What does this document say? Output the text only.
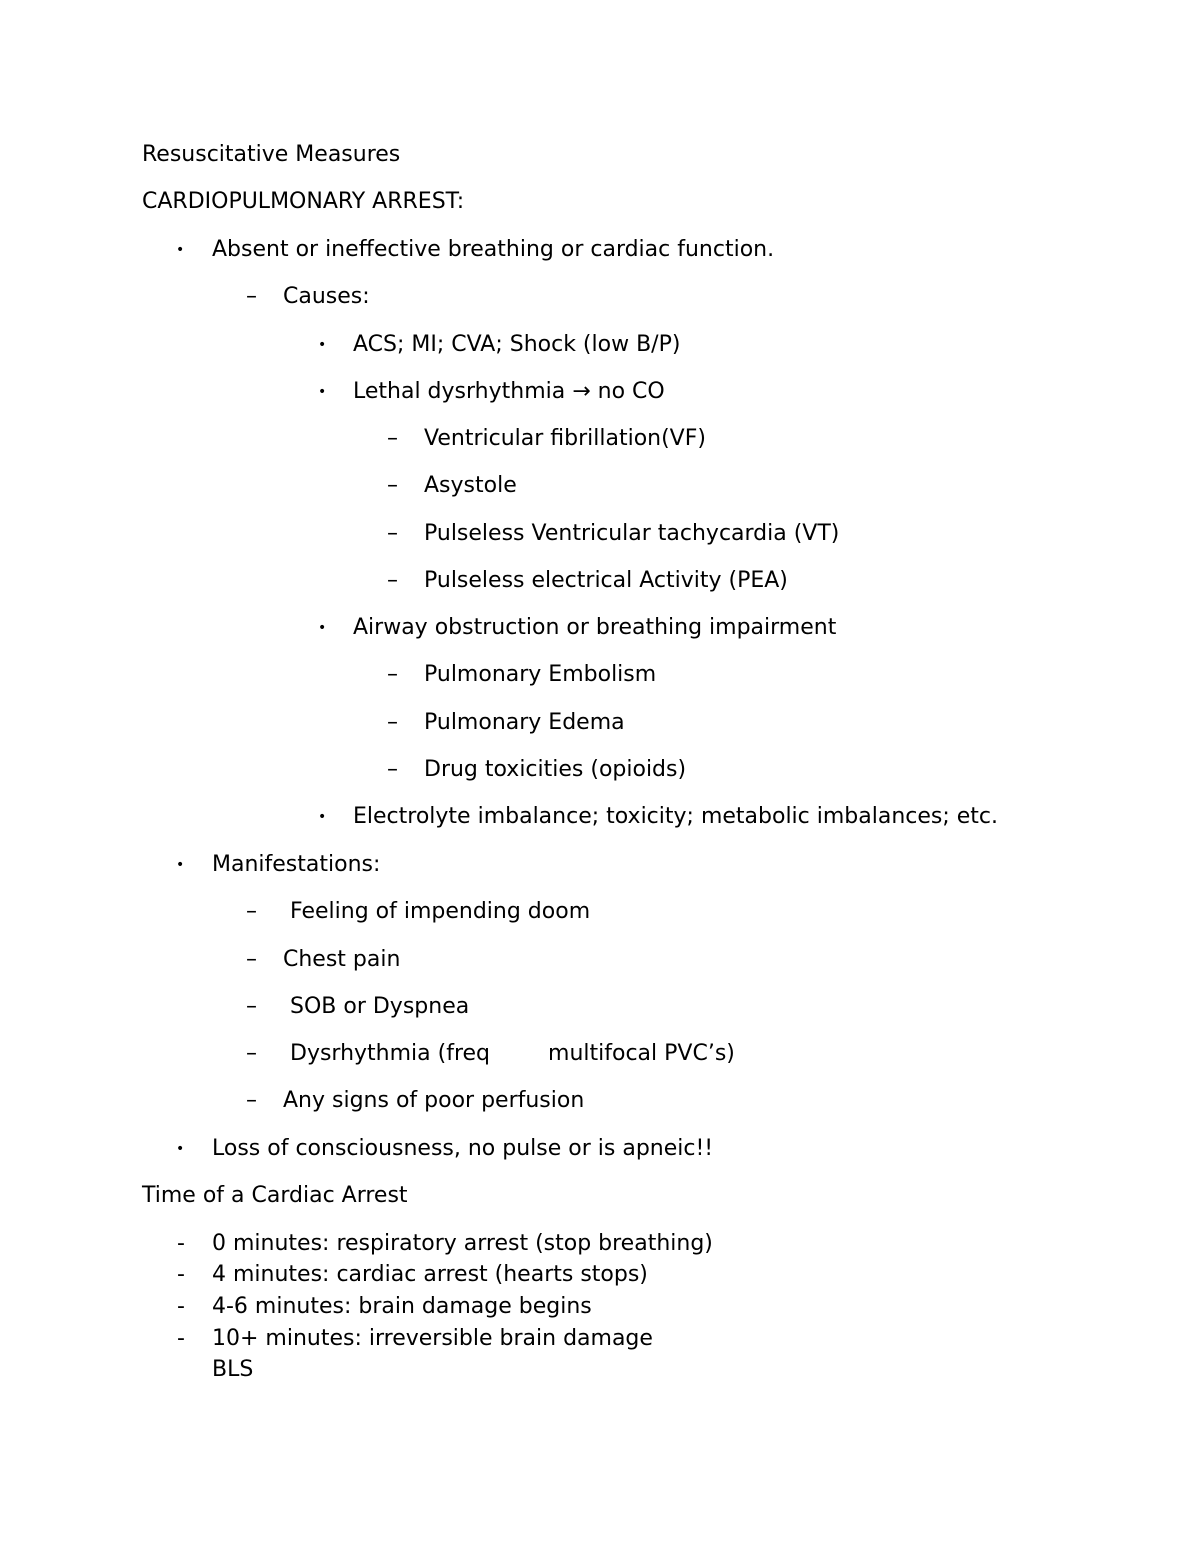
Resuscitative Measures
CARDIOPULMONARY ARREST:
• Absent or ineffective breathing or cardiac function.
– Causes:
• ACS; MI; CVA; Shock (low B/P)
• Lethal dysrhythmia → no CO
– Ventricular fibrillation(VF)
– Asystole
– Pulseless Ventricular tachycardia (VT)
– Pulseless electrical Activity (PEA)
• Airway obstruction or breathing impairment
– Pulmonary Embolism
– Pulmonary Edema
– Drug toxicities (opioids)
• Electrolyte imbalance; toxicity; metabolic imbalances; etc.
• Manifestations:
– Feeling of impending doom
– Chest pain
– SOB or Dyspnea
– Dysrhythmia (freq	multifocal PVC’s)
– Any signs of poor perfusion
• Loss of consciousness, no pulse or is apneic!!
Time of a Cardiac Arrest
- 0 minutes: respiratory arrest (stop breathing)
- 4 minutes: cardiac arrest (hearts stops)
- 4-6 minutes: brain damage begins
- 10+ minutes: irreversible brain damage
BLS
